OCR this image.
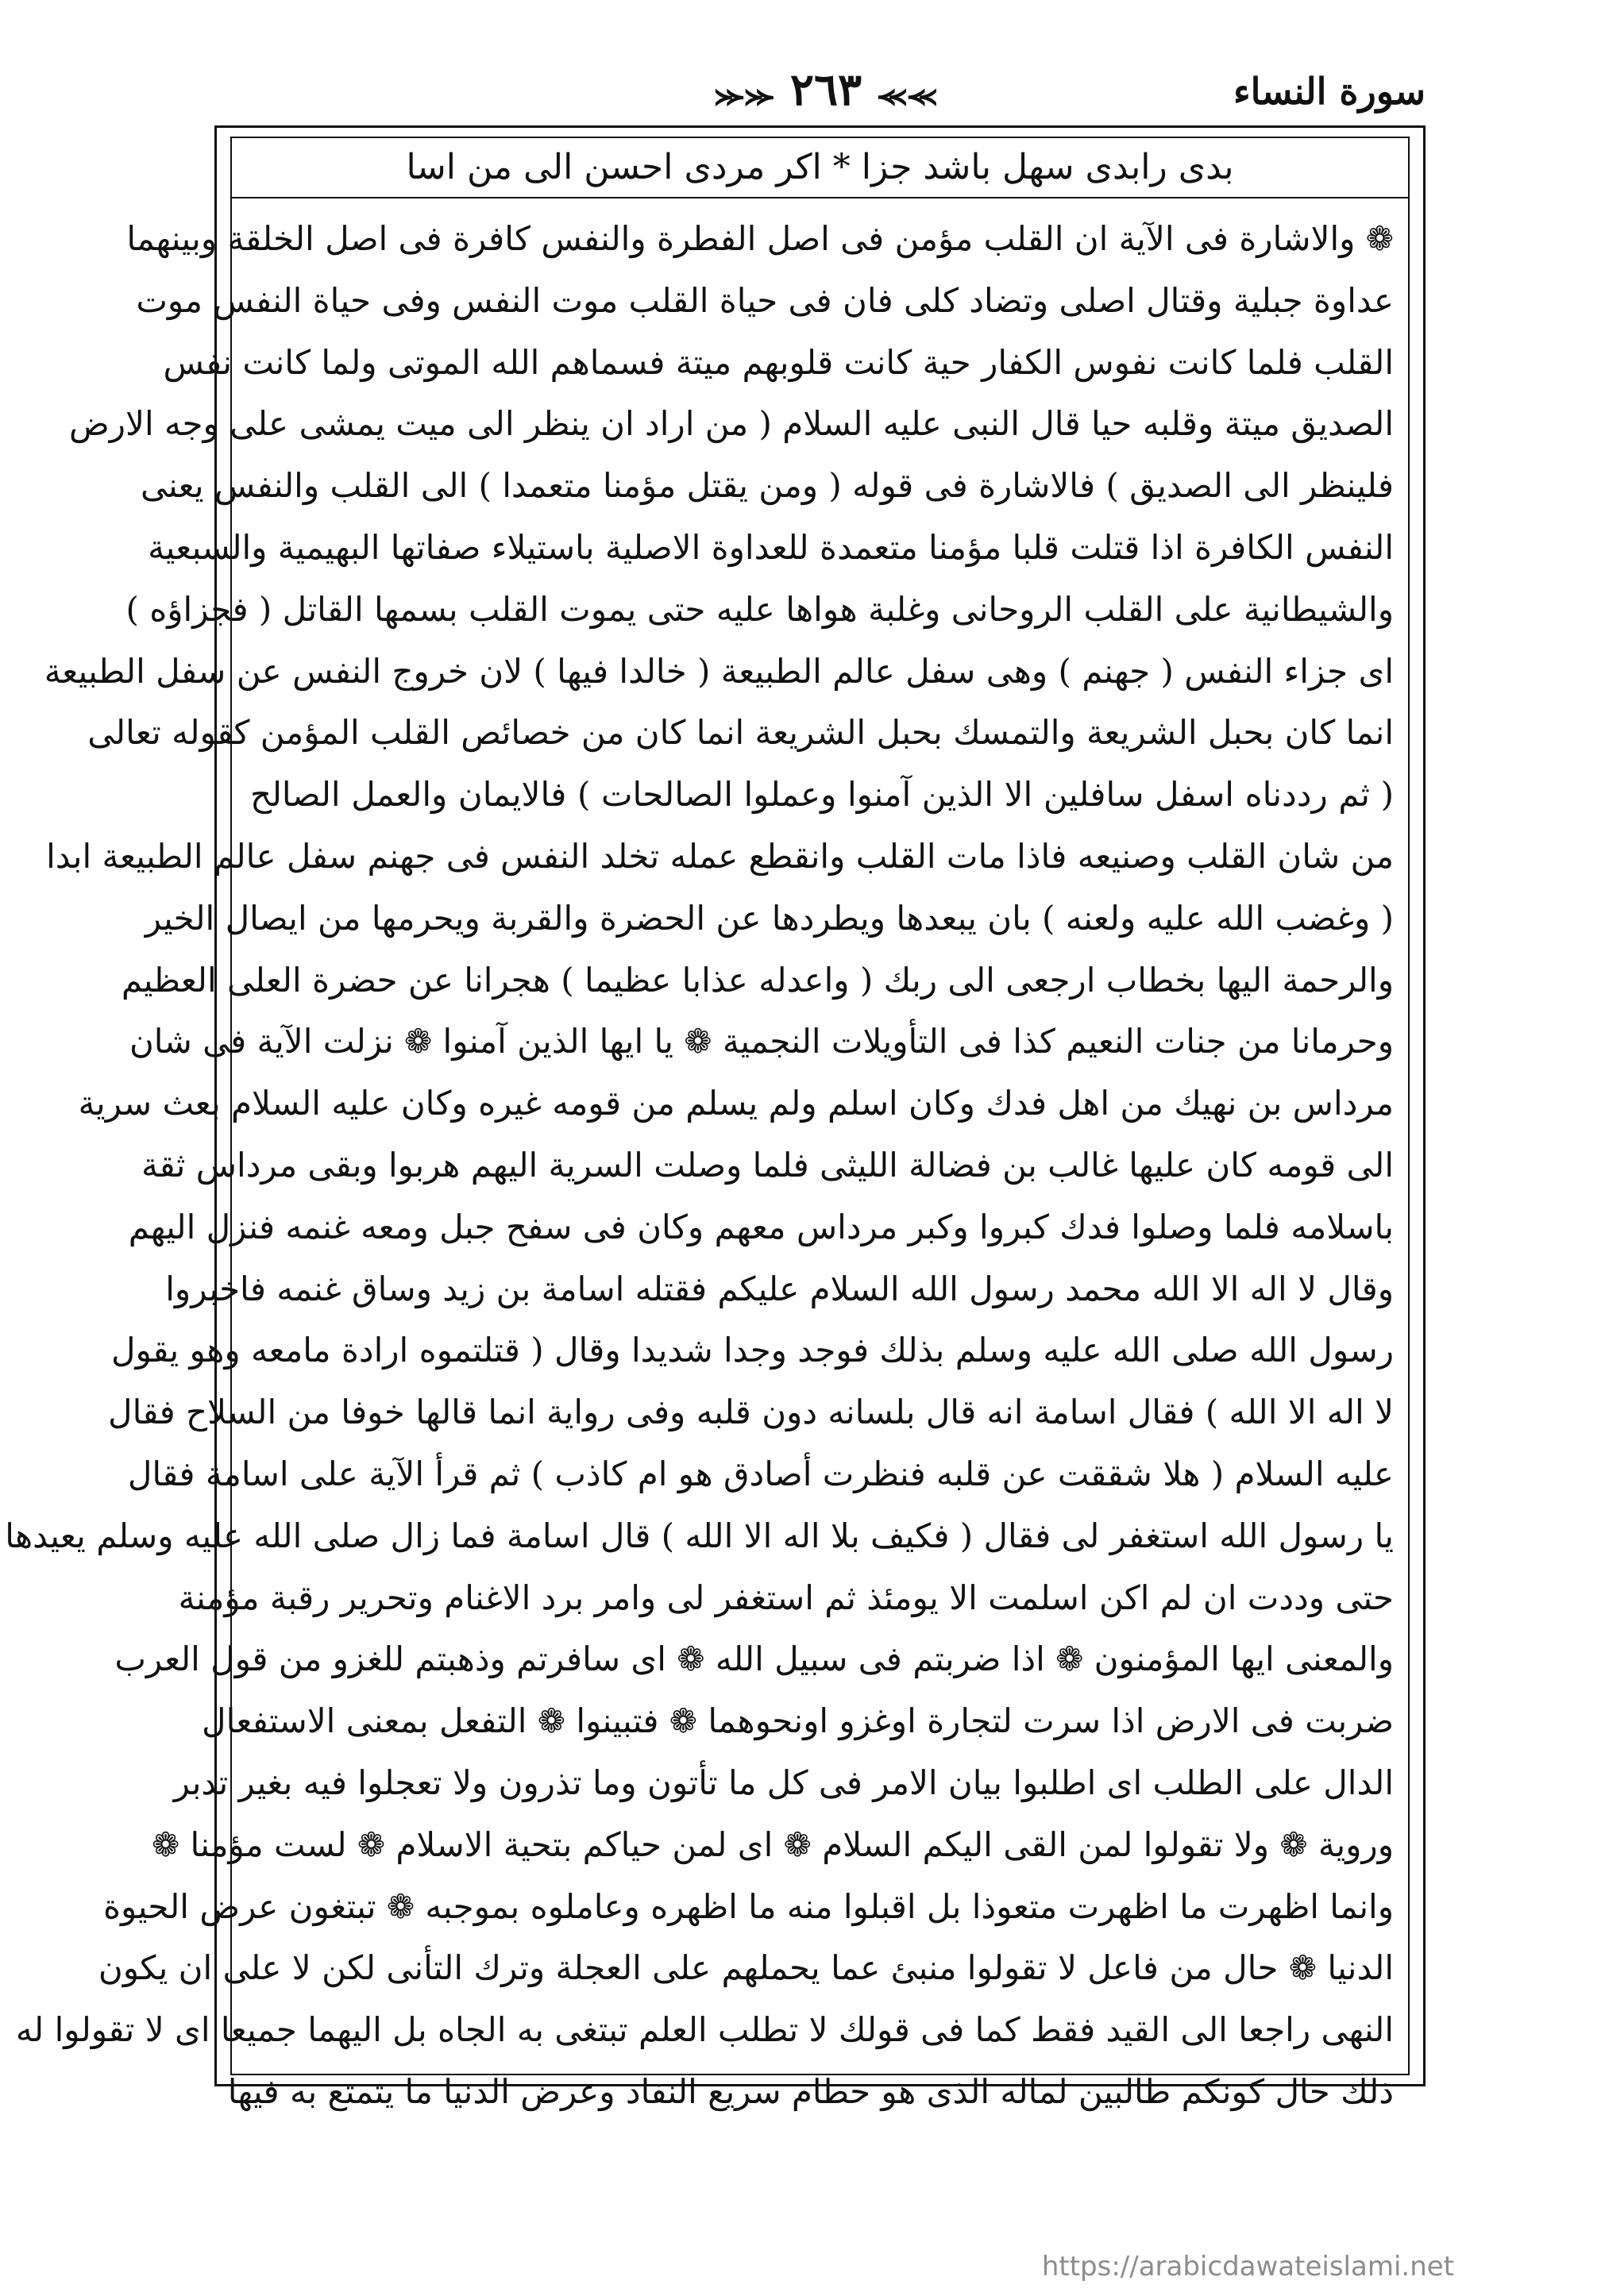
سورة النساء
⪼⪼ ٢٦٣ ⪻⪻
بدى رابدى سهل باشد جزا * اكر مردى احسن الى من اسا
❁ والاشارة فى الآية ان القلب مؤمن فى اصل الفطرة والنفس كافرة فى اصل الخلقة وبينهما
عداوة جبلية وقتال اصلى وتضاد كلى فان فى حياة القلب موت النفس وفى حياة النفس موت
القلب فلما كانت نفوس الكفار حية كانت قلوبهم ميتة فسماهم الله الموتى ولما كانت نفس
الصديق ميتة وقلبه حيا قال النبى عليه السلام ( من اراد ان ينظر الى ميت يمشى على وجه الارض
فلينظر الى الصديق ) فالاشارة فى قوله ( ومن يقتل مؤمنا متعمدا ) الى القلب والنفس يعنى
النفس الكافرة اذا قتلت قلبا مؤمنا متعمدة للعداوة الاصلية باستيلاء صفاتها البهيمية والسبعية
والشيطانية على القلب الروحانى وغلبة هواها عليه حتى يموت القلب بسمها القاتل ( فجزاؤه )
اى جزاء النفس ( جهنم ) وهى سفل عالم الطبيعة ( خالدا فيها ) لان خروج النفس عن سفل الطبيعة
انما كان بحبل الشريعة والتمسك بحبل الشريعة انما كان من خصائص القلب المؤمن كقوله تعالى
( ثم رددناه اسفل سافلين الا الذين آمنوا وعملوا الصالحات ) فالايمان والعمل الصالح
من شان القلب وصنيعه فاذا مات القلب وانقطع عمله تخلد النفس فى جهنم سفل عالم الطبيعة ابدا
( وغضب الله عليه ولعنه ) بان يبعدها ويطردها عن الحضرة والقربة ويحرمها من ايصال الخير
والرحمة اليها بخطاب ارجعى الى ربك ( واعدله عذابا عظيما ) هجرانا عن حضرة العلى العظيم
وحرمانا من جنات النعيم كذا فى التأويلات النجمية ❁ يا ايها الذين آمنوا ❁ نزلت الآية فى شان
مرداس بن نهيك من اهل فدك وكان اسلم ولم يسلم من قومه غيره وكان عليه السلام بعث سرية
الى قومه كان عليها غالب بن فضالة الليثى فلما وصلت السرية اليهم هربوا وبقى مرداس ثقة
باسلامه فلما وصلوا فدك كبروا وكبر مرداس معهم وكان فى سفح جبل ومعه غنمه فنزل اليهم
وقال لا اله الا الله محمد رسول الله السلام عليكم فقتله اسامة بن زيد وساق غنمه فاخبروا
رسول الله صلى الله عليه وسلم بذلك فوجد وجدا شديدا وقال ( قتلتموه ارادة مامعه وهو يقول
لا اله الا الله ) فقال اسامة انه قال بلسانه دون قلبه وفى رواية انما قالها خوفا من السلاح فقال
عليه السلام ( هلا شققت عن قلبه فنظرت أصادق هو ام كاذب ) ثم قرأ الآية على اسامة فقال
يا رسول الله استغفر لى فقال ( فكيف بلا اله الا الله ) قال اسامة فما زال صلى الله عليه وسلم يعيدها
حتى وددت ان لم اكن اسلمت الا يومئذ ثم استغفر لى وامر برد الاغنام وتحرير رقبة مؤمنة
والمعنى ايها المؤمنون ❁ اذا ضربتم فى سبيل الله ❁ اى سافرتم وذهبتم للغزو من قول العرب
ضربت فى الارض اذا سرت لتجارة اوغزو اونحوهما ❁ فتبينوا ❁ التفعل بمعنى الاستفعال
الدال على الطلب اى اطلبوا بيان الامر فى كل ما تأتون وما تذرون ولا تعجلوا فيه بغير تدبر
وروية ❁ ولا تقولوا لمن القى اليكم السلام ❁ اى لمن حياكم بتحية الاسلام ❁ لست مؤمنا ❁
وانما اظهرت ما اظهرت متعوذا بل اقبلوا منه ما اظهره وعاملوه بموجبه ❁ تبتغون عرض الحيوة
الدنيا ❁ حال من فاعل لا تقولوا منبئ عما يحملهم على العجلة وترك التأنى لكن لا على ان يكون
النهى راجعا الى القيد فقط كما فى قولك لا تطلب العلم تبتغى به الجاه بل اليهما جميعا اى لا تقولوا له
ذلك حال كونكم طالبين لماله الذى هو حطام سريع النفاد وعرض الدنيا ما يتمتع به فيها
https://arabicdawateislami.net
